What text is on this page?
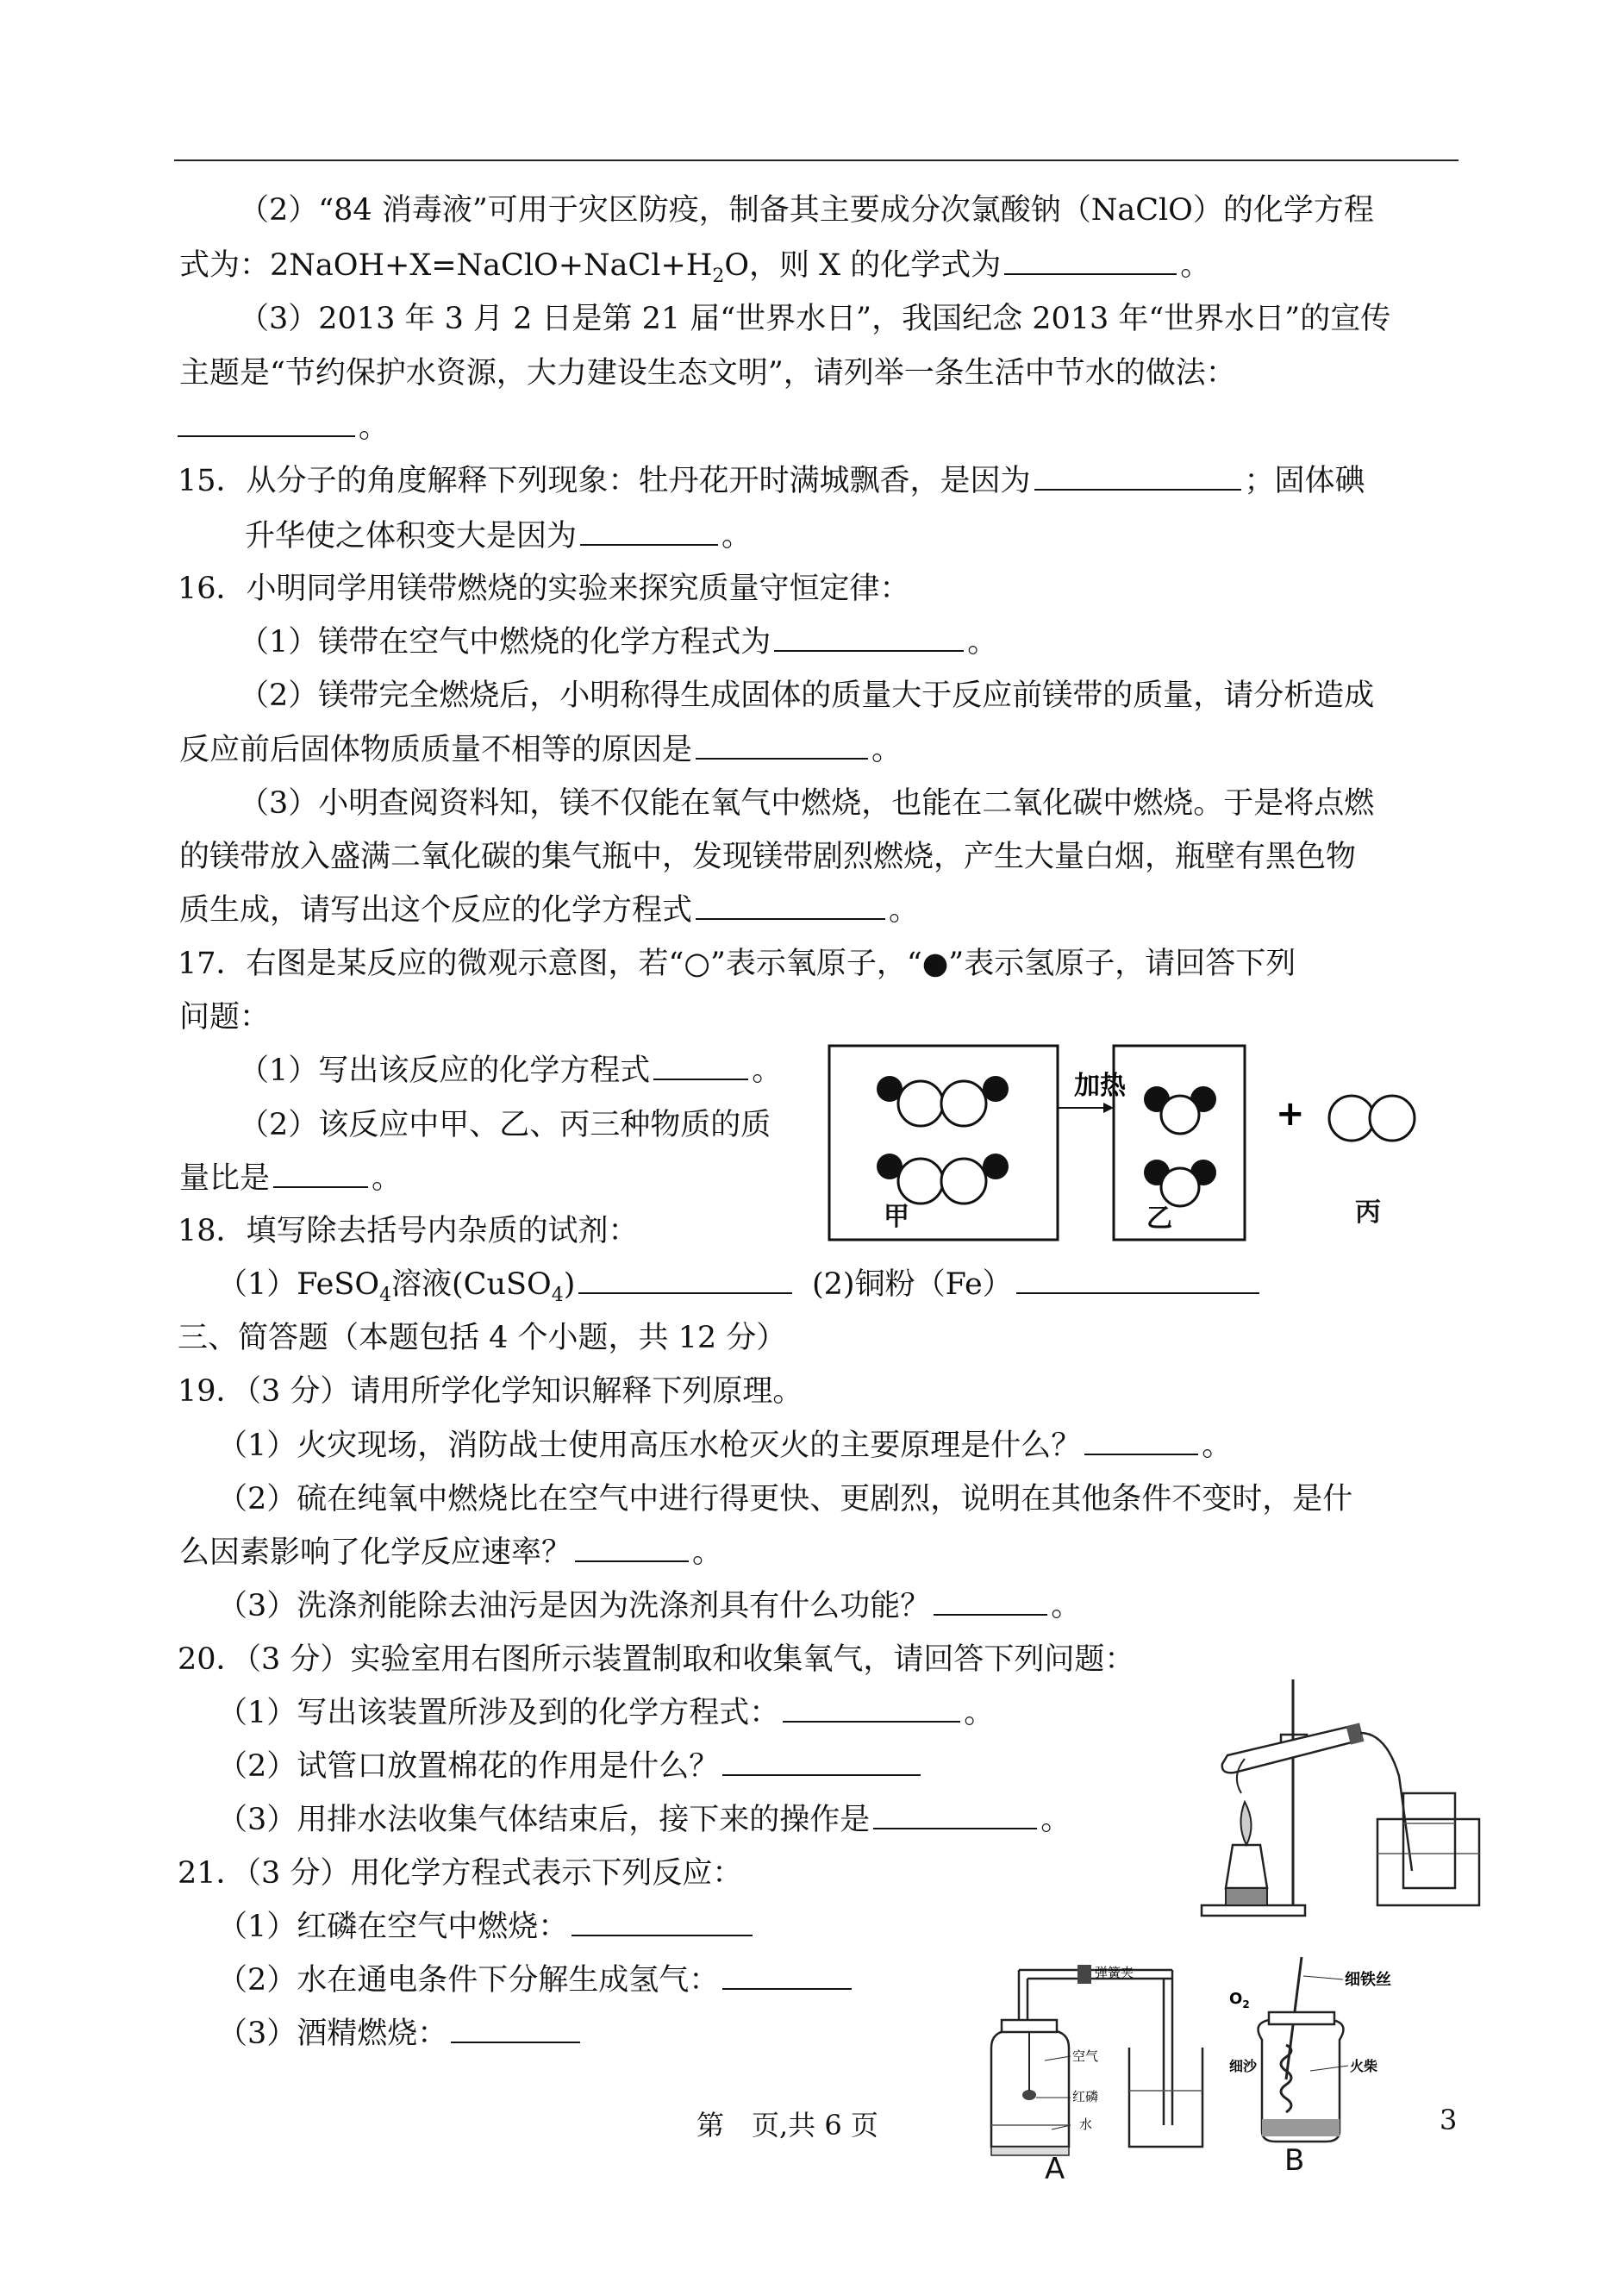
（2）“84 消毒液”可用于灾区防疫，制备其主要成分次氯酸钠（NaClO）的化学方程
式为：$2NaOH+X=NaClO+NaCl+H_2O$，则 X 的化学式为	。
（3）2013 年 3 月 2 日是第 21 届“世界水日”，我国纪念 2013 年“世界水日”的宣传
主题是“节约保护水资源，大力建设生态文明”，请列举一条生活中节水的做法：
。
15．从分子的角度解释下列现象：牡丹花开时满城飘香，是因为	；固体碘
升华使之体积变大是因为	。
16．小明同学用镁带燃烧的实验来探究质量守恒定律：
（1）镁带在空气中燃烧的化学方程式为	。
（2）镁带完全燃烧后，小明称得生成固体的质量大于反应前镁带的质量，请分析造成
反应前后固体物质质量不相等的原因是	。
（3）小明查阅资料知，镁不仅能在氧气中燃烧，也能在二氧化碳中燃烧。于是将点燃
的镁带放入盛满二氧化碳的集气瓶中，发现镁带剧烈燃烧，产生大量白烟，瓶壁有黑色物
质生成，请写出这个反应的化学方程式	。
17．右图是某反应的微观示意图，若“○”表示氧原子，“●”表示氢原子，请回答下列
问题：
（1）写出该反应的化学方程式	。
（2）该反应中甲、乙、丙三种物质的质
量比是	。
加热
+
甲	乙	丙
18．填写除去括号内杂质的试剂：
（1）FeSO$_4$溶液(CuSO$_4$)	(2)铜粉（Fe）
三、简答题（本题包括 4 个小题，共 12 分）
19．（3 分）请用所学化学知识解释下列原理。
（1）火灾现场，消防战士使用高压水枪灭火的主要原理是什么？	。
（2）硫在纯氧中燃烧比在空气中进行得更快、更剧烈，说明在其他条件不变时，是什
么因素影响了化学反应速率？	。
（3）洗涤剂能除去油污是因为洗涤剂具有什么功能？	。
20．（3 分）实验室用右图所示装置制取和收集氧气，请回答下列问题：
（1）写出该装置所涉及到的化学方程式：	。
（2）试管口放置棉花的作用是什么？
（3）用排水法收集气体结束后，接下来的操作是	。
21．（3 分）用化学方程式表示下列反应：
（1）红磷在空气中燃烧：
（2）水在通电条件下分解生成氢气：
（3）酒精燃烧：
弹簧夹
空气
红磷
水
A
$O_2$
细铁丝
细沙	火柴
B
第　页,共 6 页	3
